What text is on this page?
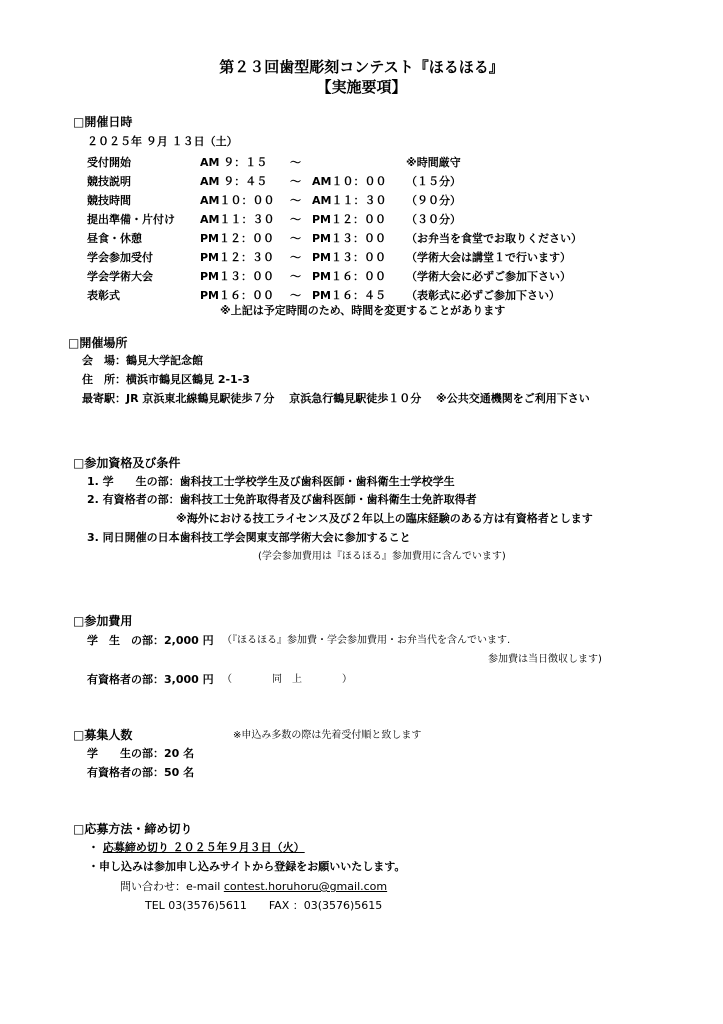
第２３回歯型彫刻コンテスト『ほるほる』
【実施要項】
□開催日時
２０２５年 ９月 １３日（土）
受付開始	AM ９：１５	～		※時間厳守
競技説明	AM ９：４５	～	AM１０：００	（１５分）
競技時間	AM１０：００	～	AM１１：３０	（９０分）
提出準備・片付け	AM１１：３０	～	PM１２：００	（３０分）
昼食・休憩	PM１２：００	～	PM１３：００	（お弁当を食堂でお取りください）
学会参加受付	PM１２：３０	～	PM１３：００	（学術大会は講堂１で行います）
学会学術大会	PM１３：００	～	PM１６：００	（学術大会に必ずご参加下さい）
表彰式	PM１６：００	～	PM１６：４５	（表彰式に必ずご参加下さい）
※上記は予定時間のため、時間を変更することがあります
□開催場所
会　場：鶴見大学記念館
住　所：横浜市鶴見区鶴見 2-1-3
最寄駅：JR 京浜東北線鶴見駅徒歩７分　 京浜急行鶴見駅徒歩１０分　 ※公共交通機関をご利用下さい
□参加資格及び条件
1. 学　　生の部：歯科技工士学校学生及び歯科医師・歯科衛生士学校学生
2. 有資格者の部：歯科技工士免許取得者及び歯科医師・歯科衛生士免許取得者
※海外における技工ライセンス及び２年以上の臨床経験のある方は有資格者とします
3. 同日開催の日本歯科技工学会関東支部学術大会に参加すること
(学会参加費用は『ほるほる』参加費用に含んでいます)
□参加費用
学　生　の部：2,000 円 （『ほるほる』参加費・学会参加費用・お弁当代を含んでいます.
参加費は当日徴収します)
有資格者の部：3,000 円 （　　　　同　上　　　　）
□募集人数	※申込み多数の際は先着受付順と致します
学　　生の部：20 名
有資格者の部：50 名
□応募方法・締め切り
・ 応募締め切り ２０２５年９月３日（火）
・申し込みは参加申し込みサイトから登録をお願いいたします。
問い合わせ：e-mail contest.horuhoru@gmail.com
TEL 03(3576)5611　　FAX ：03(3576)5615
